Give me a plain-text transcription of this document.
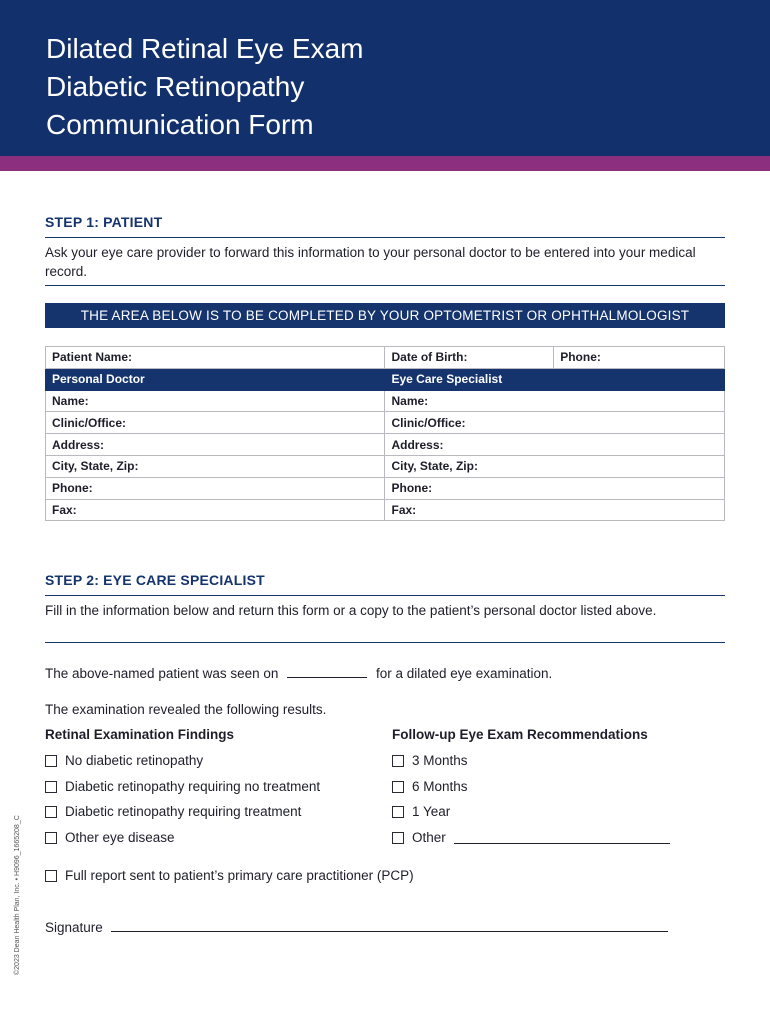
Dilated Retinal Eye Exam
Diabetic Retinopathy
Communication Form
STEP 1: PATIENT
Ask your eye care provider to forward this information to your personal doctor to be entered into your medical record.
THE AREA BELOW IS TO BE COMPLETED BY YOUR OPTOMETRIST OR OPHTHALMOLOGIST
Patient Name:	Date of Birth:	Phone:
Personal Doctor	Eye Care Specialist	
Name:	Name:	
Clinic/Office:	Clinic/Office:	
Address:	Address:	
City, State, Zip:	City, State, Zip:	
Phone:	Phone:	
Fax:	Fax:	
STEP 2: EYE CARE SPECIALIST
Fill in the information below and return this form or a copy to the patient’s personal doctor listed above.
The above-named patient was seen on	for a dilated eye examination.
The examination revealed the following results.
Retinal Examination Findings	Follow-up Eye Exam Recommendations
No diabetic retinopathy
Diabetic retinopathy requiring no treatment
Diabetic retinopathy requiring treatment
Other eye disease
3 Months
6 Months
1 Year
Other
Full report sent to patient’s primary care practitioner (PCP)
Signature
©2023 Dean Health Plan, Inc. • H9096_1665208_C
